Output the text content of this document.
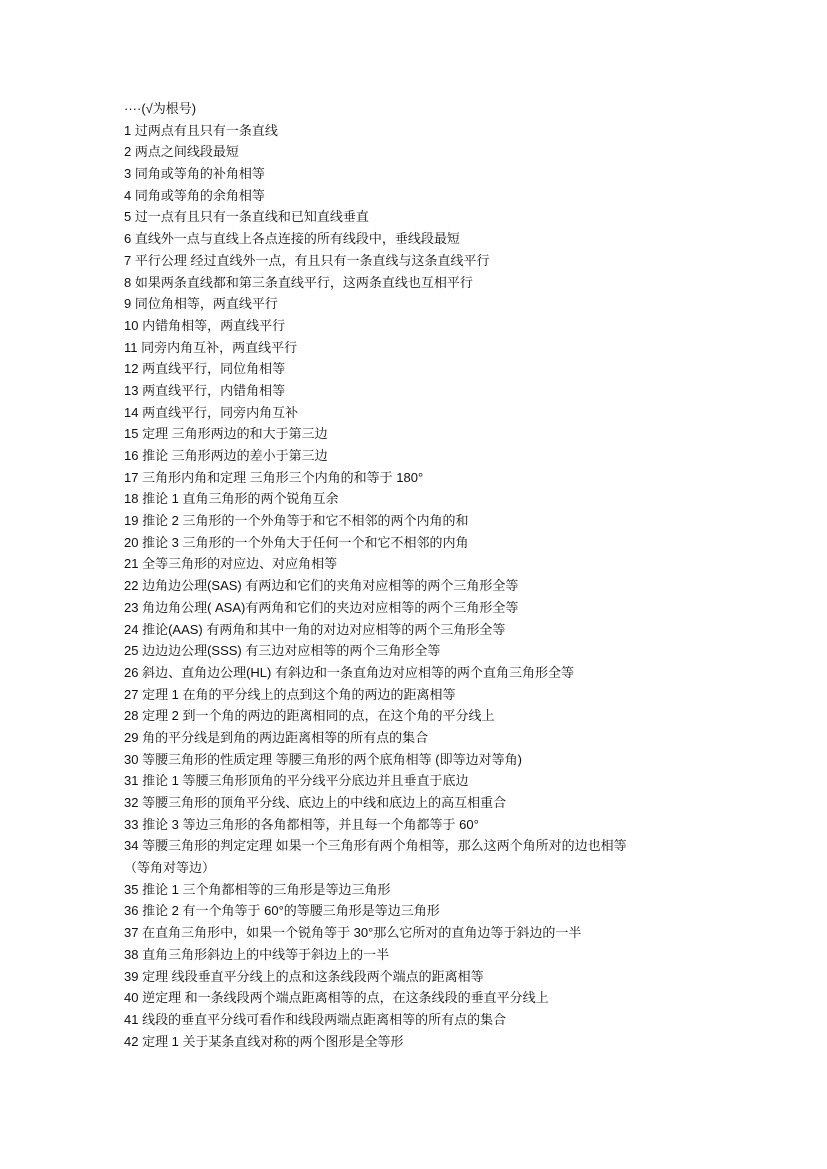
····(√为根号)
1 过两点有且只有一条直线
2 两点之间线段最短
3 同角或等角的补角相等
4 同角或等角的余角相等
5 过一点有且只有一条直线和已知直线垂直
6 直线外一点与直线上各点连接的所有线段中，垂线段最短
7 平行公理 经过直线外一点，有且只有一条直线与这条直线平行
8 如果两条直线都和第三条直线平行，这两条直线也互相平行
9 同位角相等，两直线平行
10 内错角相等，两直线平行
11 同旁内角互补，两直线平行
12 两直线平行，同位角相等
13 两直线平行，内错角相等
14 两直线平行，同旁内角互补
15 定理 三角形两边的和大于第三边
16 推论 三角形两边的差小于第三边
17 三角形内角和定理 三角形三个内角的和等于 180°
18 推论 1 直角三角形的两个锐角互余
19 推论 2 三角形的一个外角等于和它不相邻的两个内角的和
20 推论 3 三角形的一个外角大于任何一个和它不相邻的内角
21 全等三角形的对应边、对应角相等
22 边角边公理(SAS) 有两边和它们的夹角对应相等的两个三角形全等
23 角边角公理( ASA)有两角和它们的夹边对应相等的两个三角形全等
24 推论(AAS) 有两角和其中一角的对边对应相等的两个三角形全等
25 边边边公理(SSS) 有三边对应相等的两个三角形全等
26 斜边、直角边公理(HL) 有斜边和一条直角边对应相等的两个直角三角形全等
27 定理 1 在角的平分线上的点到这个角的两边的距离相等
28 定理 2 到一个角的两边的距离相同的点，在这个角的平分线上
29 角的平分线是到角的两边距离相等的所有点的集合
30 等腰三角形的性质定理 等腰三角形的两个底角相等 (即等边对等角)
31 推论 1 等腰三角形顶角的平分线平分底边并且垂直于底边
32 等腰三角形的顶角平分线、底边上的中线和底边上的高互相重合
33 推论 3 等边三角形的各角都相等，并且每一个角都等于 60°
34 等腰三角形的判定定理 如果一个三角形有两个角相等，那么这两个角所对的边也相等
（等角对等边）
35 推论 1 三个角都相等的三角形是等边三角形
36 推论 2 有一个角等于 60°的等腰三角形是等边三角形
37 在直角三角形中，如果一个锐角等于 30°那么它所对的直角边等于斜边的一半
38 直角三角形斜边上的中线等于斜边上的一半
39 定理 线段垂直平分线上的点和这条线段两个端点的距离相等
40 逆定理 和一条线段两个端点距离相等的点，在这条线段的垂直平分线上
41 线段的垂直平分线可看作和线段两端点距离相等的所有点的集合
42 定理 1 关于某条直线对称的两个图形是全等形
